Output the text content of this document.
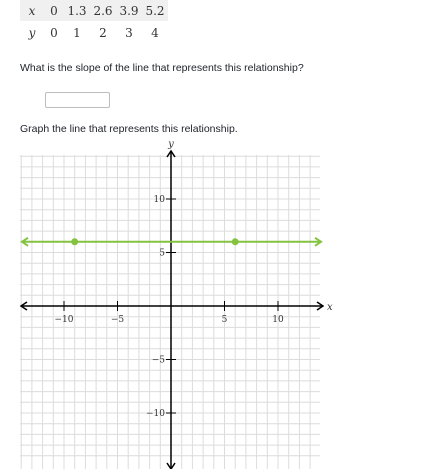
x	0	1.3	2.6	3.9	5.2
y	0	1	2	3	4
What is the slope of the line that represents this relationship?
Graph the line that represents this relationship.
x
y
−10	−5	5	10
10
5
−5
−10
